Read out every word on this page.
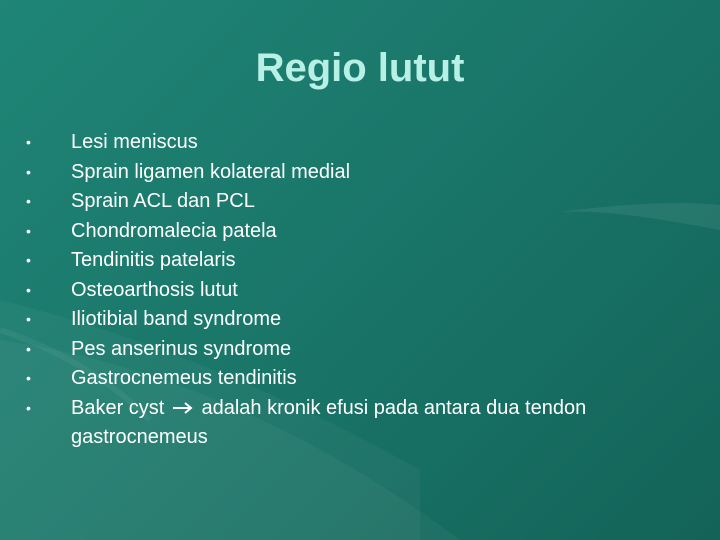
Regio lutut
•	Lesi meniscus
•	Sprain ligamen kolateral medial
•	Sprain ACL dan PCL
•	Chondromalecia patela
•	Tendinitis patelaris
•	Osteoarthosis lutut
•	Iliotibial band syndrome
•	Pes anserinus syndrome
•	Gastrocnemeus tendinitis
•	Baker cyst adalah kronik efusi pada antara dua tendon gastrocnemeus
